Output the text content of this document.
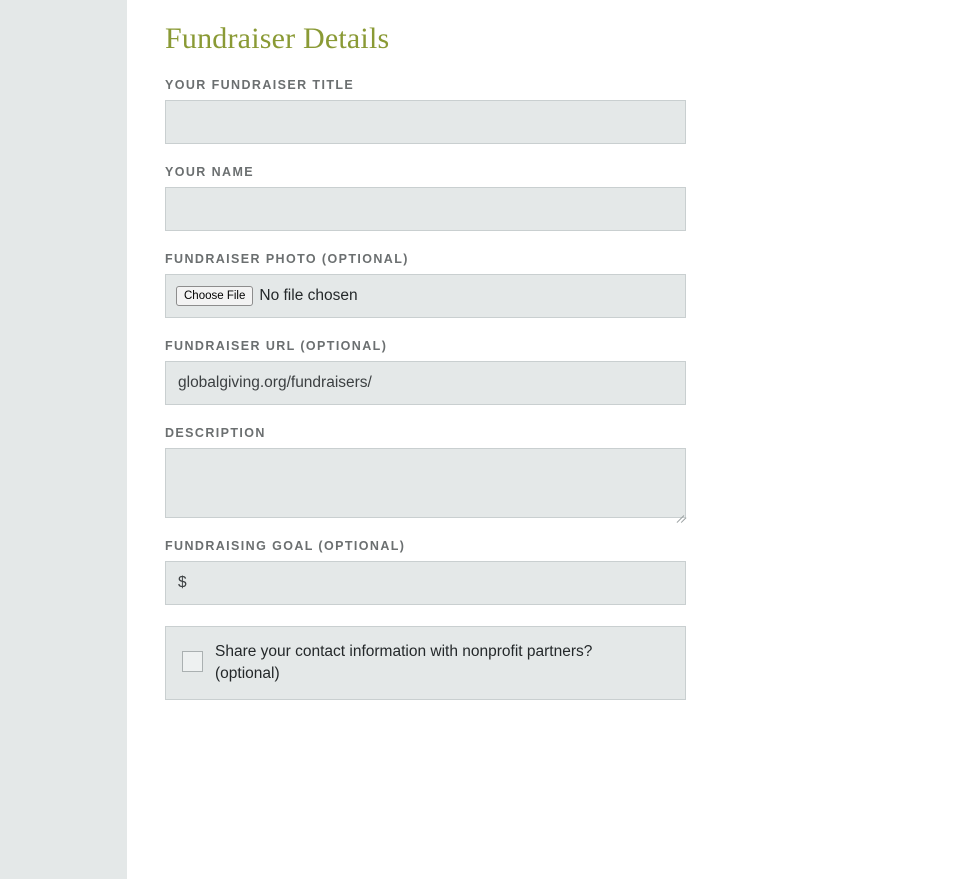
Fundraiser Details
YOUR FUNDRAISER TITLE
YOUR NAME
FUNDRAISER PHOTO (OPTIONAL)
Choose File No file chosen
FUNDRAISER URL (OPTIONAL)
globalgiving.org/fundraisers/
DESCRIPTION
FUNDRAISING GOAL (OPTIONAL)
$
Share your contact information with nonprofit partners? (optional)
